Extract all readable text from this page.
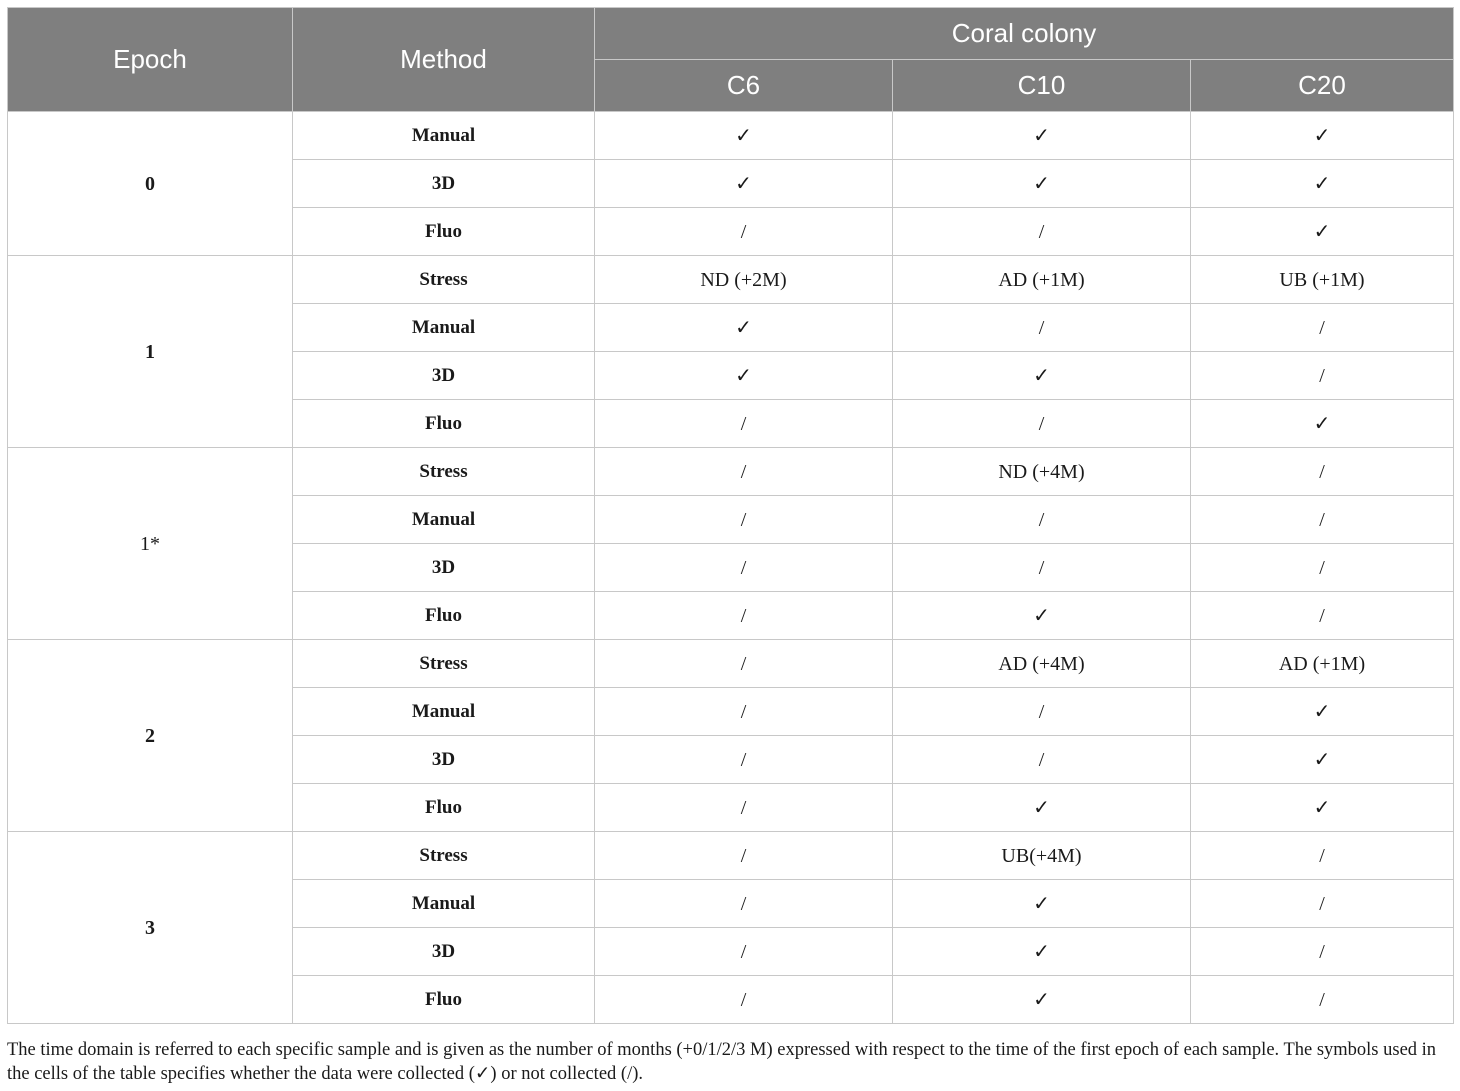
Epoch	Method	Coral colony		
		C6	C10	C20
0	Manual	✓	✓	✓
	3D	✓	✓	✓
	Fluo	/	/	✓
1	Stress	ND (+2M)	AD (+1M)	UB (+1M)
	Manual	✓	/	/
	3D	✓	✓	/
	Fluo	/	/	✓
1*	Stress	/	ND (+4M)	/
	Manual	/	/	/
	3D	/	/	/
	Fluo	/	✓	/
2	Stress	/	AD (+4M)	AD (+1M)
	Manual	/	/	✓
	3D	/	/	✓
	Fluo	/	✓	✓
3	Stress	/	UB(+4M)	/
	Manual	/	✓	/
	3D	/	✓	/
	Fluo	/	✓	/
The time domain is referred to each specific sample and is given as the number of months (+0/1/2/3 M) expressed with respect to the time of the first epoch of each sample. The symbols used in the cells of the table specifies whether the data were collected (✓) or not collected (/).
